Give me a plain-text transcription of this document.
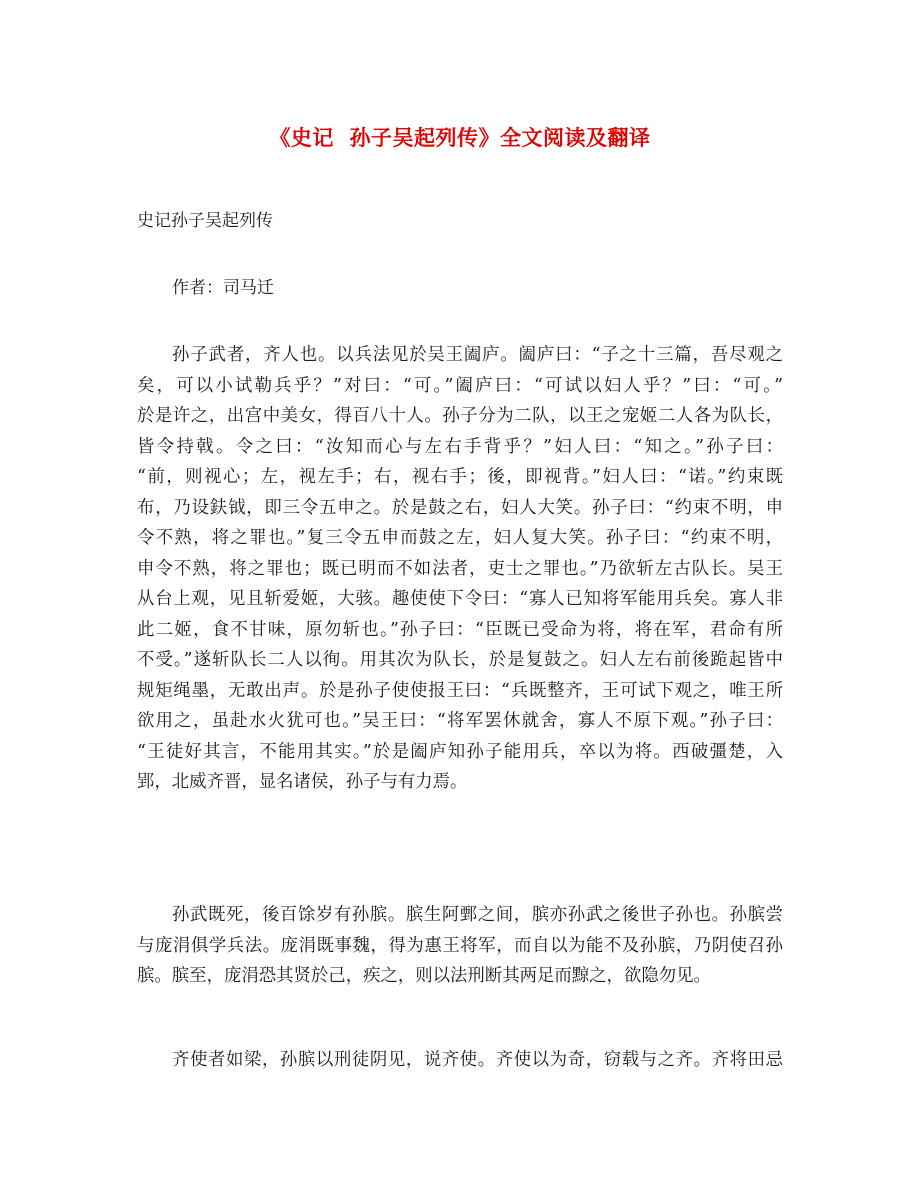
《史记  孙子吴起列传》全文阅读及翻译
史记孙子吴起列传
作者：司马迁
孙子武者，齐人也。以兵法见於吴王阖庐。阖庐曰：“子之十三篇，吾尽观之
矣，可以小试勒兵乎？”对曰：“可。”阖庐曰：“可试以妇人乎？”曰：“可。”
於是许之，出宫中美女，得百八十人。孙子分为二队，以王之宠姬二人各为队长，
皆令持戟。令之曰：“汝知而心与左右手背乎？”妇人曰：“知之。”孙子曰：
“前，则视心；左，视左手；右，视右手；後，即视背。”妇人曰：“诺。”约束既
布，乃设鈇钺，即三令五申之。於是鼓之右，妇人大笑。孙子曰：“约束不明，申
令不熟，将之罪也。”复三令五申而鼓之左，妇人复大笑。孙子曰：“约束不明，
申令不熟，将之罪也；既已明而不如法者，吏士之罪也。”乃欲斩左古队长。吴王
从台上观，见且斩爱姬，大骇。趣使使下令曰：“寡人已知将军能用兵矣。寡人非
此二姬，食不甘味，原勿斩也。”孙子曰：“臣既已受命为将，将在军，君命有所
不受。”遂斩队长二人以徇。用其次为队长，於是复鼓之。妇人左右前後跪起皆中
规矩绳墨，无敢出声。於是孙子使使报王曰：“兵既整齐，王可试下观之，唯王所
欲用之，虽赴水火犹可也。”吴王曰：“将军罢休就舍，寡人不原下观。”孙子曰：
“王徒好其言，不能用其实。”於是阖庐知孙子能用兵，卒以为将。西破彊楚，入
郢，北威齐晋，显名诸侯，孙子与有力焉。
孙武既死，後百馀岁有孙膑。膑生阿鄄之间，膑亦孙武之後世子孙也。孙膑尝
与庞涓俱学兵法。庞涓既事魏，得为惠王将军，而自以为能不及孙膑，乃阴使召孙
膑。膑至，庞涓恐其贤於己，疾之，则以法刑断其两足而黥之，欲隐勿见。
齐使者如梁，孙膑以刑徒阴见，说齐使。齐使以为奇，窃载与之齐。齐将田忌
